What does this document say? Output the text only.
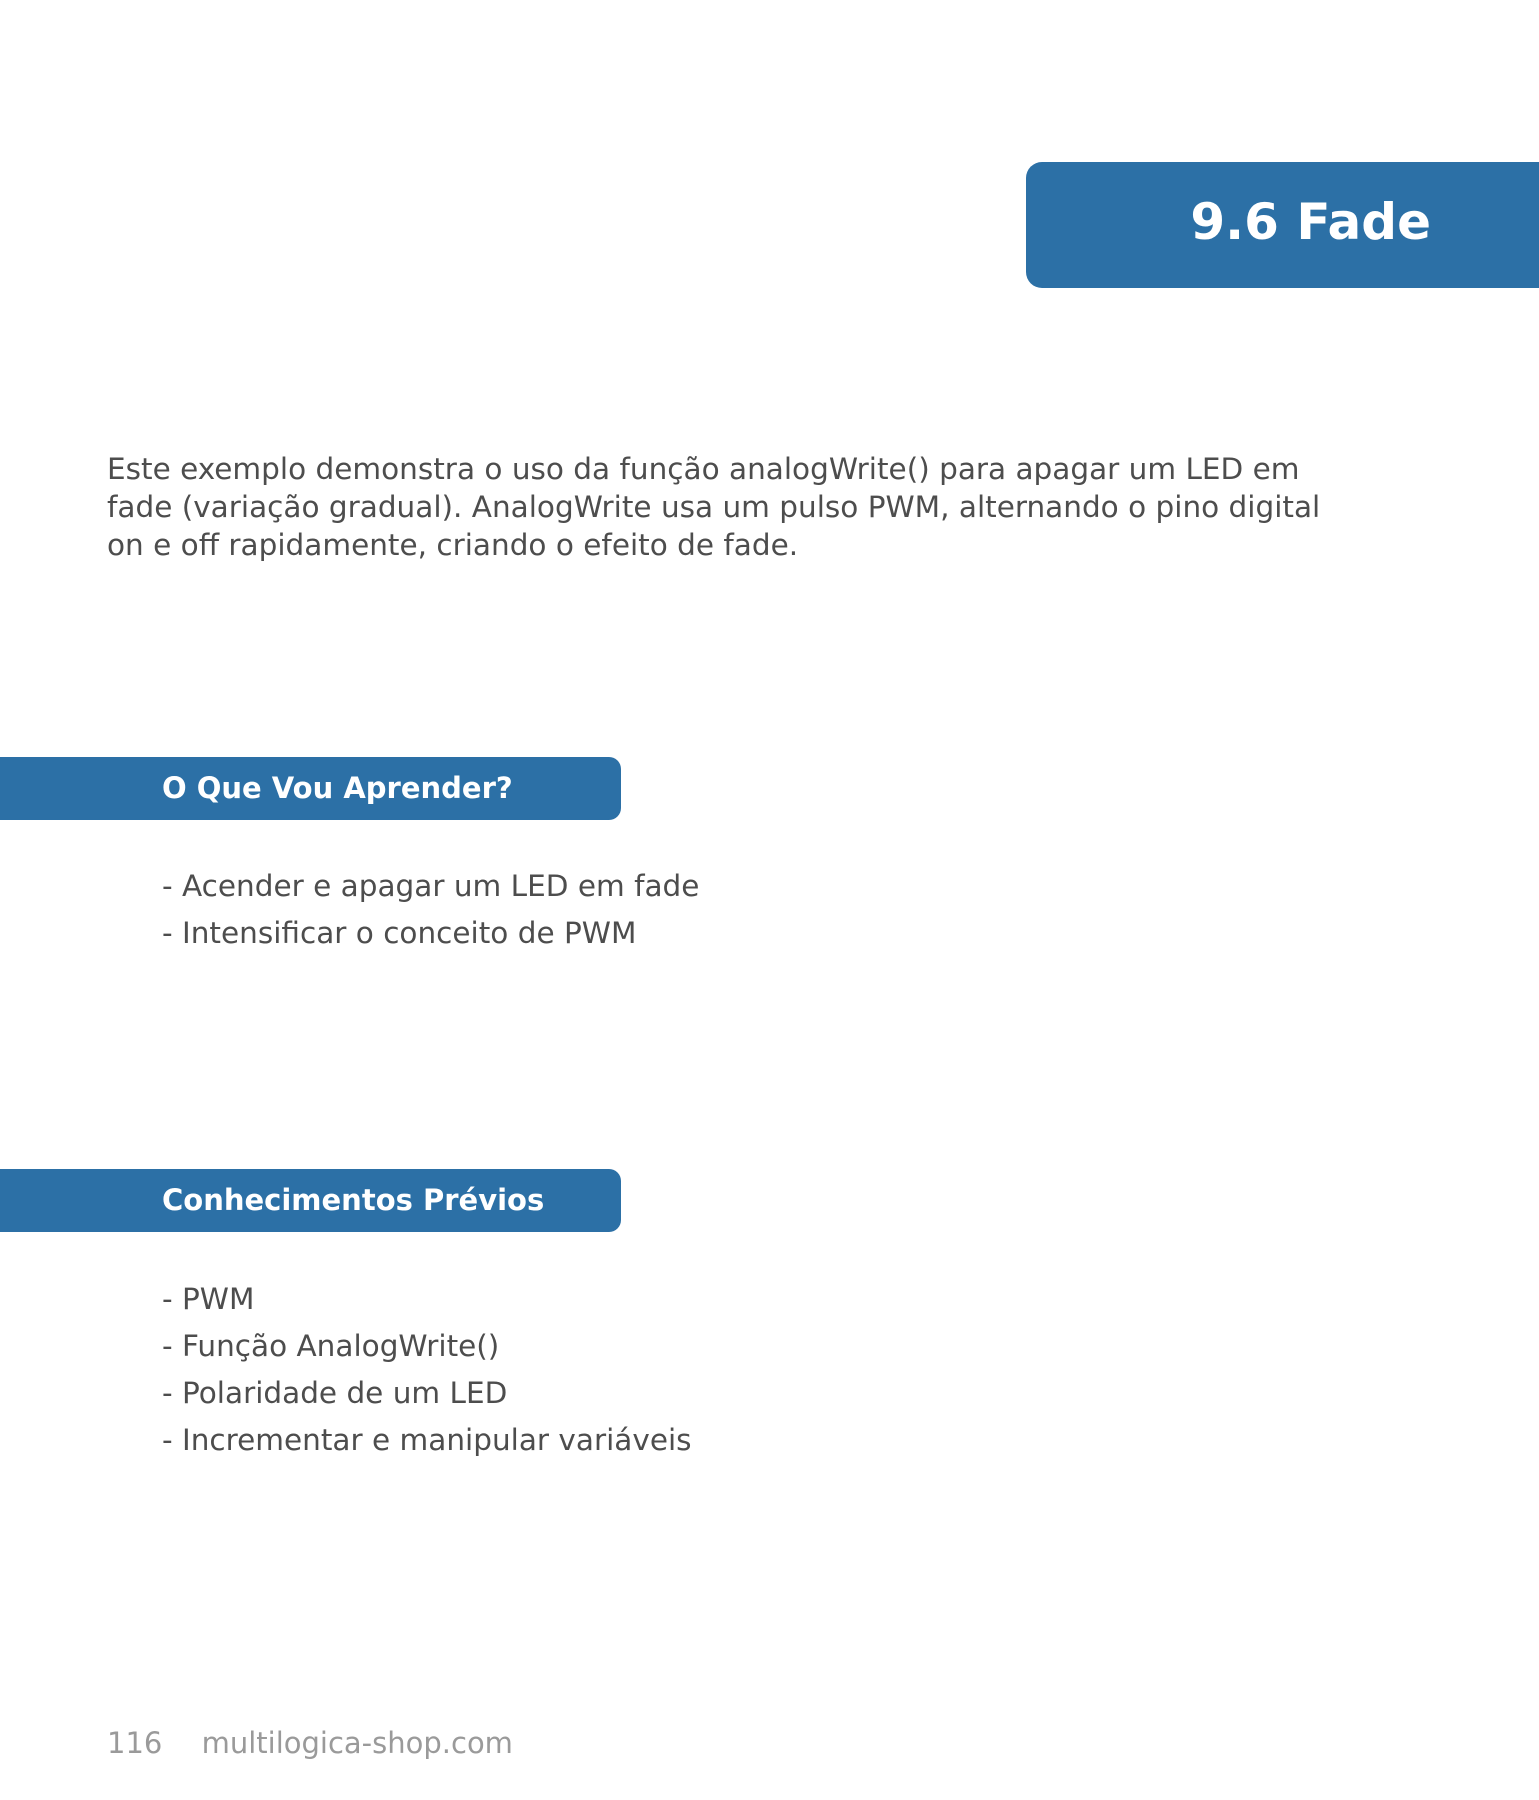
9.6 Fade

Este exemplo demonstra o uso da função analogWrite() para apagar um LED em fade (variação gradual). AnalogWrite usa um pulso PWM, alternando o pino digital on e off rapidamente, criando o efeito de fade.

O Que Vou Aprender?
- Acender e apagar um LED em fade
- Intensificar o conceito de PWM
Conhecimentos Prévios
- PWM
- Função AnalogWrite()
- Polaridade de um LED
- Incrementar e manipular variáveis
116 multilogica-shop.com
